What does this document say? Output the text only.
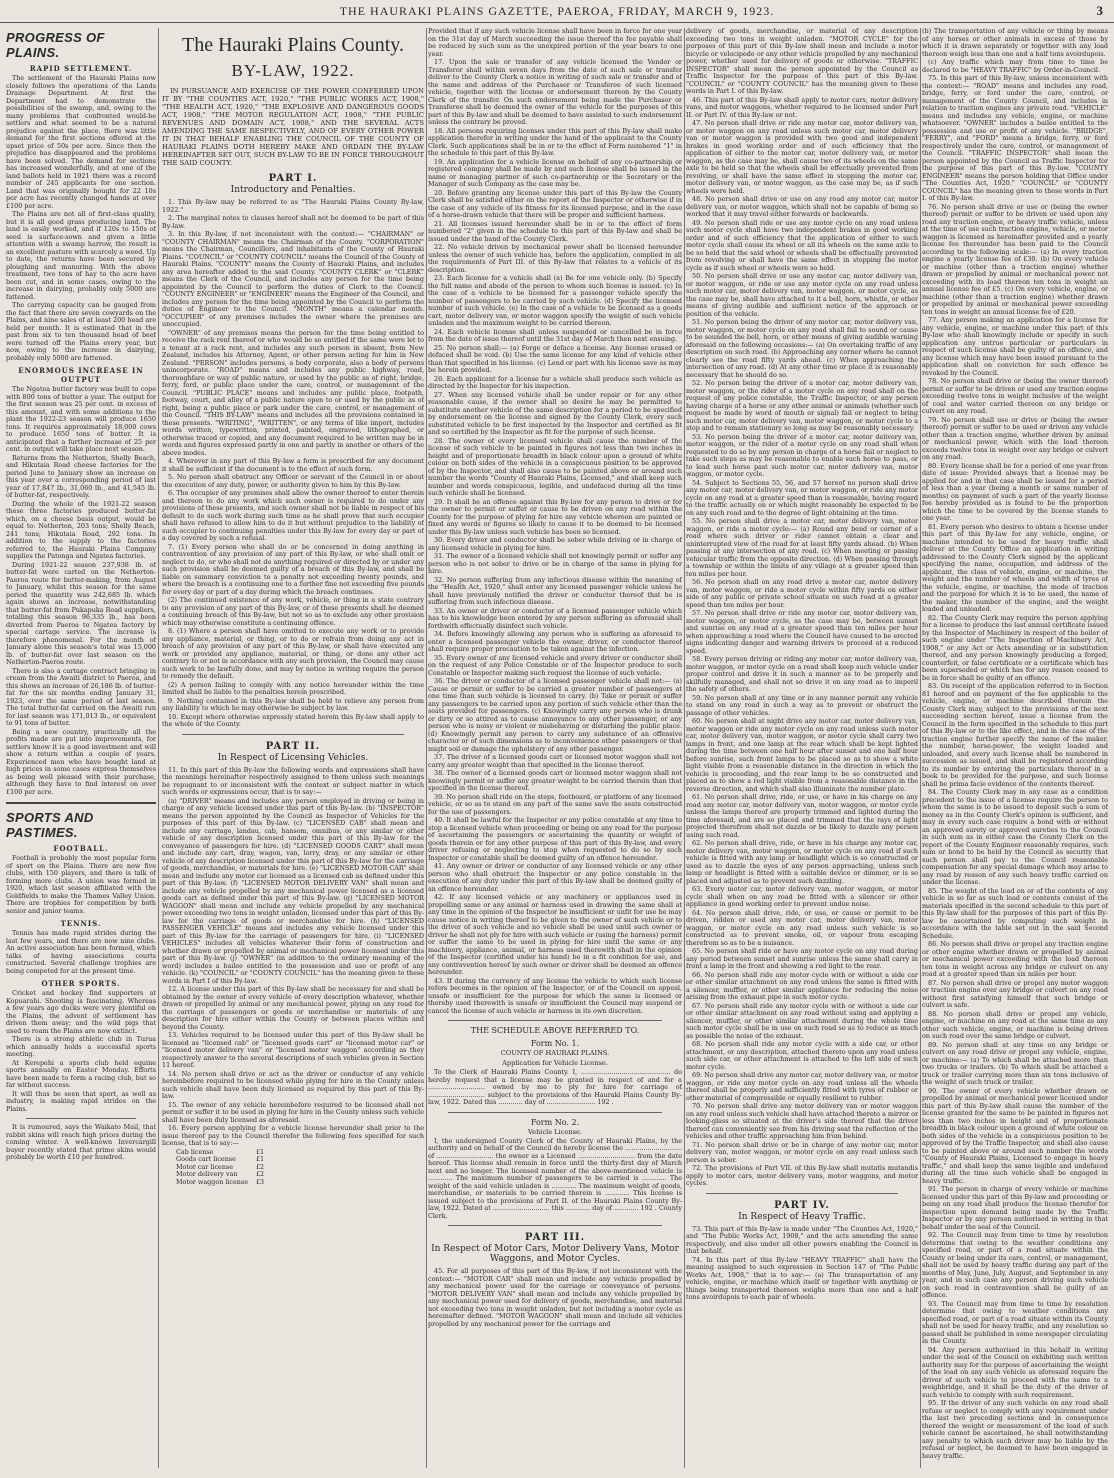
THE HAURAKI PLAINS GAZETTE, PAEROA, FRIDAY, MARCH 9, 1923.	3
PROGRESS OF PLAINS.
RAPID SETTLEMENT.

The settlement of the Hauraki Plains now closely follows the operations of the Lands Drainage Department. At first the Department had to demonstrate the possibilities of the swamp, and, owing to the many problems that confronted would-be settlers and what seemed to be a natural prejudice against the place, there was little demand for the first sections offered at the upset price of 50s per acre. Since then the prejudice has disappeared and the problems have been solved. The demand for sections has increased wonderfully, and at one of the land ballots held in 1921 there was a record number of 245 applicants for one section. Land that was originally bought for 22 10s per acre has recently changed hands at over £100 per acre.

The Plains are not all of first-class quality, but it is all good grass producing land. The land is easily worked, and if 120s to 150s of seed is surface-sown and given a little attention with a swamp harrow, the result is an excellent pasture with scarcely a weed. Up to date, the returns have been secured by ploughing and manuring. With the above treatment, two tons of hay to the acre have been cut, and in some cases, owing to the increase in dairying, probably only 5000 are fattened.

The carrying capacity can be gauged from the fact that there are seven cowyards on the Plains, and nine sales of at least 200 head are held per month. It is estimated that in the past from six to ten thousand head of beef were turned off the Plains every year, but now, owing to the increase in dairying, probably only 5000 are fattened.

ENORMOUS INCREASE IN OUTPUT

The Ngatea butter factory was built to cope with 800 tons of butter a year. The output for the first season was 25 per cent. in excess of this amount, and with some additions to the plant the 1922-23 season will produce 1650 tons. It requires approximately 18,000 cows to produce 1650 tons of butter. It is anticipated that a further increase of 25 per cent. in output will take place next season.

Returns from the Netherton, Shelly Beach, and Hikutaia Road cheese factories for the period June to January show an increase on this year over a corresponding period of last year of 17,847 lb., 31,060 lb., and 41,545 lb. of butter-fat, respectively.

During the whole of the 1921-22 season these three factories produced butter-fat which, on a cheese basis output, would be equal to: Netherton, 203 tons; Shelly Beach, 241 tons; Hikutaia Road, 292 tons. In addition to the supply to the factories referred to, the Hauraki Plains Company supplies the Patonga and Ngatea factories.

During 1921-22 season 237,938 lb. of butter-fat were carted on the Netherton-Paeroa route for butter-making, from August to January, whilst this season for the same period the quantity was 242,685 lb. which again shows an increase, notwithstanding that butter-fat from Pukapuka Road suppliers, totalling this season 96,335 lb., has been diverted from Paeroa to Ngatea factory by special cartage service. The increase is therefore phenomenal. For the month of January alone this season's total was 15,000 lb. of butter-fat over last season on the Netherton-Paeroa route.

There is also a cartage contract bringing in cream from the Awaiti district to Paeroa, and this shows an increase of 26,186 lb. of butter-fat for the six months ending January 31, 1923, over the same period of last season. The total butter-fat carried on the Awaiti run for last season was 171,013 lb., or equivalent to 91 tons of butter.

Being a new country, practically all the profits made are put into improvements, for settlers know it is a good investment and will show a return within a couple of years. Experienced men who have bought land at high prices in some cases express themselves as being well pleased with their purchase, although they have to find interest on over £100 per acre.

SPORTS AND PASTIMES.
FOOTBALL.

Football is probably the most popular form of sport on the Plains. There are now five clubs, with 150 players, and there is talk of forming more clubs. A union was formed in 1920, which last season affiliated with the Goldfields to make the Thames Valley Union. There are trophies for competition by both senior and junior teams.

TENNIS.

Tennis has made rapid strides during the last few years, and there are now nine clubs. An active association has been formed, which talks of having associations courts constructed. Several challenge trophies are being competed for at the present time.

OTHER SPORTS.

Cricket and hockey find supporters at Kopuarahi. Shooting is fascinating. Whereas a few years ago ducks were very plentiful on the Plains, the advent of settlement has driven them away; and the wild pigs that used to roam the Plains are now extinct.

There is a strong athletic club in Turua which annually holds a successful sports meeting.

At Kerepehi a sports club held equine sports annually on Easter Monday. Efforts have been made to form a racing club, but so far without success.

It will thus be seen that sport, as well as industry, is making rapid strides on the Plains.

It is rumoured, says the Waikato Mail, that rabbit skins will reach high prices during the coming winter. A well-known Invercargill buyer recently stated that prime skins would probably be worth £10 per hundred.

The Hauraki Plains County.
BY-LAW, 1922.

IN PURSUANCE AND EXERCISE OF THE POWER CONFERRED UPON IT BY "THE COUNTIES ACT, 1920," "THE PUBLIC WORKS ACT, 1908," "THE HEALTH ACT, 1920," "THE EXPLOSIVE AND DANGEROUS GOODS ACT, 1908," "THE MOTOR REGULATION ACT, 1908," "THE PUBLIC REVENUES AND DOMAIN ACT, 1908," AND THE SEVERAL ACTS AMENDING THE SAME RESPECTIVELY, AND OF EVERY OTHER POWER IT IN THAT BEHALF ENABLING THE COUNCIL OF THE COUNTY OF HAURAKI PLAINS DOTH HEREBY MAKE AND ORDAIN THE BY-LAW HEREINAFTER SET OUT, SUCH BY-LAW TO BE IN FORCE THROUGHOUT THE SAID COUNTY.

PART I.
Introductory and Penalties.

1. This By-law may be referred to as "The Hauraki Plains County By-law, 1922."

2. The marginal notes to clauses hereof shall not be deemed to be part of this By-law.

3. In this By-law, if not inconsistent with the context:— "CHAIRMAN" or "COUNTY CHAIRMAN" means the Chairman of the County. "CORPORATION" means the Chairman, Councillors, and inhabitants of the County of Hauraki Plains. "COUNCIL" or "COUNTY COUNCIL" means the Council of the County of Hauraki Plains. "COUNTY" means the County of Hauraki Plains, and includes any area hereafter added to the said County. "COUNTY CLERK" or "CLERK" means the Clerk of the Council, and includes any person for the time being appointed by the Council to perform the duties of Clerk to the Council. "COUNTY ENGINEER" or "ENGINEER" means the Engineer of the Council, and includes any person for the time being appointed by the Council to perform the duties of Engineer to the Council. "MONTH" means a calendar month. "OCCUPIER" of any premises includes the owner where the premises are unoccupied.

"OWNER" of any premises means the person for the time being entitled to receive the rack rent thereof or who would be so entitled if the same were let to a tenant at a rack rent, and includes any such person in absent, from New Zealand, includes his Attorney, Agent, or other person acting for him in New Zealand. "PERSON" includes persons, a body corporate, also a body of persons unincorporate. "ROAD" means and includes any public highway, road, thoroughfare or way of public nature, or used by the public as of right, bridge, ferry, ford, or public place under the care, control, or management of the Council. "PUBLIC PLACE" means and includes any public place, footpath, footway, court, and alley of a public nature open to or used by the public as of right, being a public place or park under the care, control, or management of the Council. "THIS BY-LAW" means and includes all the provisions contained in these presents. "WRITING", "WRITTEN", or any terms of like import, includes words written, typewritten, printed, painted, engraved, lithographed, or otherwise traced or copied, and any document required to be written may be in words and figures expressed partly in one and partly in another or others of the above modes.

4. Wherever in any part of this By-law a form is prescribed for any document it shall be sufficient if the document is to the effect of such form.

5. No person shall obstruct any Officer or servant of the Council in or about the execution of any duty, power, or authority given to him by this By-law.

6. The occupier of any premises shall allow the owner thereof to enter therein and thereon to do any work which such owner is required to do under any provisions of these presents, and such owner shall not be liable in respect of his default to do such work during such time as he shall prove that such occupier shall have refused to allow him to do it but without prejudice to the liability of such occupier to continuing penalties under this By-law for every day or part of a day covered by such a refusal.

7. (1) Every person who shall do or be concerned in doing anything in contravention of any provision of any part of this By-law, or who shall omit or neglect to do, or who shall not do anything required or directed by or under any such provision shall be deemed guilty of a breach of this By-law, and shall be liable on summary conviction to a penalty not exceeding twenty pounds, and where the breach is a continuing one to a further fine not exceeding five pounds for every day or part of a day during which the breach continues.

(2) The continued existence of any work, vehicle, or thing in a state contrary to any provision of any part of this By-law, or of these presents shall be deemed a continuing breach of this By-law, but not so as to exclude any other provision which may otherwise constitute a continuing offence.

8. (1) Where a person shall have omitted to execute any work or to provide any appliance, material, or thing, or to do or refrain from doing any act in breach of any provision of any part of this By-law, or shall have executed any work or provided any appliance, material, or thing, or done any other act contrary to or not in accordance with any such provision, the Council may cause such work to be lawfully done, and may by notice in writing require the person to remedy the default.

(2) A person failing to comply with any notice hereunder within the time limited shall be liable to the penalties herein prescribed.

9. Nothing contained in this By-law shall be held to relieve any person from any liability to which he may otherwise be subject by law.

10. Except where otherwise expressly stated herein this By-law shall apply to the whole of the County.

PART II.
In Respect of Licensing Vehicles.

11. In this part of this By-law the following words and expressions shall have the meanings hereinafter respectively assigned to them unless such meanings be repugnant to or inconsistent with the context or subject matter in which such words or expressions occur, that is to say:—

(a) "DRIVER" means and includes any person employed in driving or being in charge of any vehicle licensed under this part of this By-law. (b) "INSPECTOR" means the person appointed by the Council as Inspector of Vehicles for the purposes of this part of this By-law. (c) "LICENSED CAB" shall mean and include any carriage, landau, cab, hansom, omnibus, or any similar or other vehicle of any description licensed under this part of this By-law for the conveyance of passengers for hire. (d) "LICENSED GOODS CART" shall mean and include any cart, dray, wagon, van, lorry, dray, or any similar or other vehicle of any description licensed under this part of this By-law for the carriage of goods, merchandise, or materials for hire. (e) "LICENSED MOTOR CAR" shall mean and include any motor car licensed as a licensed cab as defined under this part of this By-law. (f) "LICENSED MOTOR DELIVERY VAN" shall mean and include any vehicle propelled by any mechanical power licensed as a licensed goods cart as defined under this part of this By-law. (g) "LICENSED MOTOR WAGGON" shall mean and include any vehicle propelled by any mechanical power exceeding two tons in weight unladen, licensed under this part of this By-law for the carriage of goods or merchandise for hire. (h) "LICENSED PASSENGER VEHICLE" means and includes any vehicle licensed under this part of this By-law for the carriage of passengers for hire. (i) "LICENSED VEHICLES" includes all vehicles whatever their form of construction and whether drawn or propelled by animal or mechanical power licensed under this part of this By-law. (j) "OWNER" (in addition to the ordinary meaning of the word) includes a bailee entitled to the possession and use or profit of any vehicle. (k) "COUNCIL" or "COUNTY COUNCIL" has the meaning given to these words in Part I of this By-law.

12. A license under this part of this By-law shall be necessary for and shall be obtained by the owner of every vehicle of every description whatever, whether drawn or propelled by animal or any mechanical power, plying on any road for the carriage of passengers or goods or merchandise or materials of any description for hire either within the County or between places within and beyond the County.

13. Vehicles required to be licensed under this part of this By-law shall be licensed as "licensed cab" or "licensed goods cart" or "licensed motor car" or "licensed motor delivery van" or "licensed motor waggon" according as they respectively answer to the several descriptions of such vehicles given in Section 11 hereof.

14. No person shall drive or act as the driver or conductor of any vehicle hereinbefore required to be licensed while plying for hire in the County unless such vehicle shall have been duly licensed as required by this part of this By-law.

15. The owner of any vehicle hereinbefore required to be licensed shall not permit or suffer it to be used in plying for hire in the County unless such vehicle shall have been duly licensed as aforesaid.

16. Every person applying for a vehicle license hereunder shall prior to the issue thereof pay to the Council therefor the following fees specified for such license, that is to say:—

Cab license	£1
Goods cart license	£1
Motor car license	£2
Motor delivery van	£2
Motor waggon license	£3

Provided that if any such vehicle license shall have been in force for one year on the 31st day of March succeeding the issue thereof the fee payable shall be reduced by such sum as the unexpired portion of the year bears to one year.

17. Upon the sale or transfer of any vehicle licensed the Vendor or Transferor shall within seven days from the date of such sale or transfer deliver to the County Clerk a notice in writing of such sale or transfer and of the name and address of the Purchaser or Transferee of such licensed vehicle, together with the license or endorsement thereon by the County Clerk of the transfer. On such endorsement being made the Purchaser or Transferee shall be deemed the owner of the vehicle for the purposes of this part of this By-law and shall be deemed to have assisted to such endorsement unless the contrary be proved.

18. All persons requiring licenses under this part of this By-law shall make application therefor in writing under the hand of the applicant to the County Clerk. Such applications shall be in or to the effect of Form numbered "1" in the schedule to this part of this By-law.

19. An application for a vehicle license on behalf of any co-partnership or registered company shall be made by and such license shall be issued in the name or managing partner of such co-partnership or the Secretary or the Manager of such Company as the case may be.

20. Before granting any license under this part of this By-law the County Clerk shall be satisfied either on the report of the Inspector or otherwise if in the case of any vehicle of its fitness for its licensed purpose, and in the case of a horse-drawn vehicle that there will be proper and sufficient harness.

21. All licenses issued hereunder shall be in or to the effect of form numbered "2" given in the schedule to this part of this By-law and shall be issued under the hand of the County Clerk.

22. No vehicle driven by mechanical power shall be licensed hereunder unless the owner of such vehicle has, before the application, complied in all the requirements of Part III. of this By-law that relates to a vehicle of its description.

23. Each license for a vehicle shall (a) Be for one vehicle only. (b) Specify the full name and abode of the person to whom such license is issued. (c) In the case of a vehicle to be licensed for a passenger vehicle specify the number of passengers to be carried by such vehicle. (d) Specify the licensed number of such vehicle. (e) In the case of a vehicle to be licensed as a goods cart, motor delivery van, or motor waggon specify the weight of such vehicle unladen and the maximum weight to be carried thereon.

24. Each vehicle license shall unless suspended or cancelled be in force from the date of issue thereof until the 31st day of March then next ensuing.

25. No person shall:— (a) Forge or deface a license. Any license erased or defaced shall be void. (b) Use the same license for any kind of vehicle other than that specified in his license. (c) Lend or part with his license save as may be herein provided.

26. Each applicant for a license for a vehicle shall produce such vehicle as directed by the Inspector for his inspection.

27. When any licensed vehicle shall be under repair or for any other reasonable cause, if the owner shall so desire he may be permitted to substitute another vehicle of the same description for a period to be specified by endorsement on the license and signed by the County Clerk, every such substituted vehicle to be first inspected by the Inspector and certified as fit and so certified by the Inspector as fit for the purpose of such license.

28. The owner of every licensed vehicle shall cause the number of the license of such vehicle to be painted in figures not less than two inches in height and of proportionate breadth in black colour upon a ground of white colour on both sides of the vehicle in a conspicuous position to be approved of by the Inspector, and shall also cause to be painted above or around such number the words "County of Hauraki Plains, Licensed," and shall keep such number and words conspicuous, legible, and undefaced during all the time such vehicle shall be licensed.

29. It shall be an offence against this By-law for any person to drive or for the owner to permit or suffer or cause to be driven on any road within the County for the purpose of plying for hire any vehicle whereon are painted or fixed any words or figures so likely to cause it to be deemed to be licensed under this By-law unless such vehicle has been so licensed.

30. Every driver and conductor shall be sober while driving or in charge of any licensed vehicle in plying for hire.

31. The owner of a licensed vehicle shall not knowingly permit or suffer any person who is not sober to drive or be in charge of the same in plying for hire.

32. No person suffering from any infectious disease within the meaning of the "Health Act, 1920," shall enter any licensed passenger vehicle unless he shall have previously notified the driver or conductor thereof that he is suffering from such infectious disease.

33. An owner or driver or conductor of a licensed passenger vehicle which has to his knowledge been entered by any person suffering as aforesaid shall forthwith effectually disinfect such vehicle.

34. Before knowingly allowing any person who is suffering as aforesaid to enter a licensed passenger vehicle the owner, driver, or conductor thereof shall require proper precaution to be taken against the infection.

35. Every owner of any licensed vehicle and every driver or conductor shall on the request of any Police Constable or of the Inspector produce to such Constable or Inspector making such request the license of such vehicle.

36. The driver or conductor of a licensed passenger vehicle shall not:— (a) Cause or permit or suffer to be carried a greater number of passengers at one time than such vehicle is licensed to carry. (b) Take or permit or suffer any passengers to be carried upon any portion of such vehicle other than the seats provided for passengers. (c) Knowingly carry any person who is drunk or dirty or so attired as to cause annoyance to any other passenger, or any person who is noisy or violent or misbehaving or disturbing the public place. (d) Knowingly permit any person to carry any substance of an offensive character or of such dimensions as to inconvenience other passengers or that might soil or damage the upholstery of any other passenger.

37. The driver of a licensed goods cart or licensed motor waggon shall not carry any greater weight than that specified in the license thereof.

38. The owner of a licensed goods cart or licensed motor waggon shall not knowingly permit or suffer any greater weight to be carried therein than that specified in the license thereof.

39. No person shall ride on the steps, footboard, or platform of any licensed vehicle, or so as to stand on any part of the same save the seats constructed for the use of passengers.

40. It shall be lawful for the Inspector or any police constable at any time to stop a licensed vehicle when proceeding or being on any road for the purpose of ascertaining the passengers or ascertaining the quantity or weight of goods therein or for any other purpose of this part of this By-law, and every driver refusing or neglecting to stop when requested to do so by such Inspector or constable shall be deemed guilty of an offence hereunder.

41. Any owner or driver or conductor of any licensed vehicle or any other person who shall obstruct the Inspector or any police constable in the execution of any duty under this part of this By-law shall be deemed guilty of an offence hereunder.

42. If any licensed vehicle or any machinery or appliances used in propelling same or any animal or harness used in drawing the same shall at any time in the opinion of the Inspector be insufficient or unfit for use he may cause notice in writing thereof to be given to the owner of such vehicle or to the driver of such vehicle and no vehicle shall be used until such owner or driver he shall not ply for hire with such vehicle or (using the harness) permit or suffer the same to be used in plying for hire until the same or any machinery, appliance, animal, or harness used therewith shall in the opinion of the Inspector (certified under his hand) be in a fit condition for use, and any contravention hereof by such owner or driver shall be deemed an offence hereunder.

43. If during the currency of any license the vehicle to which such license refers becomes in the opinion of the Inspector, or of the Council on appeal, unsafe or insufficient for the purpose for which the same is licensed or thereby used therewith is unsafe or insufficient the Council may suspend or cancel the license of such vehicle or harness in its own discretion.

THE SCHEDULE ABOVE REFERRED TO.
Form No. 1.
COUNTY OF HAURAKI PLAINS.
Application for Vehicle License.

To the Clerk of Hauraki Plains County. I, ............................................ do hereby request that a license may be granted in respect of and for a ............................ owned by me to ply for hire for carriage of ............................ subject to the provisions of the Hauraki Plains County By-law, 1922. Dated this ............ day of ........................ 192 .

Form No. 2.
Vehicle License.

I, the undersigned County Clerk of the County of Hauraki Plains, by the authority and on behalf of the Council do hereby license the ............................ of ............................ the owner as a Licensed ............................ from the date hereof. This license shall remain in force until the thirty-first day of March next and no longer. The licensed number of the above-mentioned vehicle is ............ The maximum number of passengers to be carried is ............ The weight of the said vehicle unladen is ............ The maximum weight of goods, merchandise, or materials to be carried therein is ............ This license is issued subject to the provisions of Part II. of the Hauraki Plains County By-law, 1922. Dated at ............................ this ............ day of ............ 192 . County Clerk.

PART III.
In Respect of Motor Cars, Motor Delivery Vans, Motor Waggons, and Motor Cycles.

45. For all purposes of this part of this By-law, if not inconsistent with the context:— "MOTOR CAR" shall mean and include any vehicle propelled by any mechanical power used for the carriage or conveyance of persons. "MOTOR DELIVERY VAN" shall mean and include any vehicle propelled by any mechanical power used for delivery of goods, merchandise, and material not exceeding two tons in weight unladen, but not including a motor cycle as hereinafter defined. "MOTOR WAGGON" shall mean and include all vehicles propelled by any mechanical power for the carriage and

delivery of goods, merchandise, or material of any description exceeding two tons in weight unladen. "MOTOR CYCLE" for the purposes of this part of this By-law shall mean and include a motor bicycle or velocipede or any other vehicle propelled by any mechanical power, whether used for delivery of goods or otherwise. "TRAFFIC INSPECTOR" shall mean the person appointed by the Council as Traffic Inspector for the purpose of this part of this By-law. "COUNCIL" or "COUNTY COUNCIL" has the meaning given to these words in Part I. of this By-law.

46. This part of this By-law shall apply to motor cars, motor delivery vans, and motor waggons, whether required to be licensed under Part II. or Part IV. of this By-law or not.

47. No person shall drive or ride any motor car, motor delivery van, or motor waggon on any road unless such motor car, motor delivery van or motor waggon is provided with two good and independent brakes in good working order and of such efficiency that the application of either to the motor car, motor delivery van, or motor waggon, as the case may be, shall cause two of its wheels on the same axle to be held so that the wheels shall be effectually prevented from revolving, or shall have the same effect in stopping the motor car, motor delivery van, or motor waggon, as the case may be, as if such wheels were held.

48. No person shall drive or use on any road any motor car, motor delivery van, or motor waggon, which shall not be capable of being so worked that it may travel either forwards or backwards.

49. No person shall ride or use any motor cycle on any road unless such motor cycle shall have two independent brakes in good working order and of such efficiency that the application of either to such motor cycle shall cause its wheel or all its wheels on the same axle to be so held that the said wheel or wheels shall be effectually prevented from revolving or shall have the same effect in stopping the motor cycle as if such wheel or wheels were so held.

50. No person shall drive or use any motor car, motor delivery van, or motor waggon, or ride or use any motor cycle on any road unless such motor car, motor delivery van, motor waggon, or motor cycle, as the case may be, shall have attached to it a bell, horn, whistle, or other means of giving audible and sufficient notice of the approach or position of the vehicle.

51. No person being the driver of any motor car, motor delivery van, motor waggon, or motor cycle on any road shall fail to sound or cause to be sounded the bell, horn, or other means of giving audible warning aforesaid on the following occasions:— (a) On overtaking traffic of any description on such road. (b) Approaching any corner where he cannot clearly see the road fifty yards ahead. (c) When approaching the intersection of any road. (d) At any other time or place it is reasonably necessary that he should do so.

52. No person being the driver of a motor car, motor delivery van, motor waggon, or the rider of a motor cycle on any road shall on the request of any police constable, the Traffic Inspector, or any person having charge of a horse or any other animal or animals (whether such request be made by word of mouth or signal) fail or neglect to bring such motor car, motor delivery van, motor waggon, or motor cycle to a stop and to remain stationary so long as may be reasonably necessary.

53. No person being the driver of a motor car, motor delivery van, motor waggon, or the rider of a motor cycle on any road shall when requested to do so by any person in charge of a horse fail or neglect to take such steps as may be reasonable to enable such horse to pass, or to lead such horse past such motor car, motor delivery van, motor waggon, or motor cycle.

54. Subject to Sections 55, 56, and 57 hereof no person shall drive any motor car, motor delivery van, or motor waggon, or ride any motor cycle on any road at a greater speed than is reasonable, having regard to the traffic actually on or which might reasonably be expected to be on any such road and to the degree of light obtaining at the time.

55. No person shall drive a motor car, motor delivery van, motor waggon, or ride a motor cycle:— (a) Round any bend or corner of a road where such driver or rider cannot obtain a clear and uninterrupted view of the road for at least fifty yards ahead. (b) When passing at any intersection of any road. (c) When meeting or passing vehicular traffic from the opposite direction. (d) When passing through a township or within the limits of any village at a greater speed than ten miles per hour.

56. No person shall on any road drive a motor car, motor delivery van, motor waggon, or ride a motor cycle within fifty yards on either side of any public or private school situate on such road at a greater speed than ten miles per hour.

57. No person shall drive or ride any motor car, motor delivery van, motor waggon, or motor cycle, as the case may be, between sunset and sunrise on any road at a greater speed than ten miles per hour when approaching a road where the Council have caused to be erected signs indicating danger and warning drivers to proceed at a reduced speed.

58. Every person driving or riding any motor car, motor delivery van, motor waggon, or motor cycle on a road shall keep such vehicle under proper control and drive it in such a manner as to be properly and skilfully managed, and shall not so drive it on any road as to imperil the safety of others.

59. No person shall at any time or in any manner permit any vehicle to stand on any road in such a way as to prevent or obstruct the passage of other vehicles.

60. No person shall at night drive any motor car, motor delivery van, motor waggon or ride any motor cycle on any road unless such motor car, motor delivery van, motor waggon, or motor cycle shall carry two lamps in front, and one lamp at the rear which shall be kept lighted during the time between one half hour after sunset and one half hour before sunrise, such front lamps to be placed so as to show a white light visible from a reasonable distance in the direction in which the vehicle is proceeding, and the rear lamp to be so constructed and placed as to show a red light visible from a reasonable distance in the reverse direction, and which shall also illuminate the number plate.

61. No person shall drive, ride, or use, or have in his charge on any road any motor car, motor delivery van, motor waggon, or motor cycle unless the lamps thereof are properly trimmed and lighted during the time aforesaid, and are so placed and trimmed that the rays of light projected therefrom shall not dazzle or be likely to dazzle any person using such road.

62. No person shall drive, ride, or have in his charge any motor car, motor delivery van, motor waggon, or motor cycle on any road if such vehicle is fitted with any lamp or headlight which is so constructed or used as to dazzle the eyes of any person approaching, unless such lamp or headlight is fitted with a suitable device or dimmer, or is so placed and adjusted as to prevent such dazzling.

63. Every motor car, motor delivery van, motor waggon, or motor cycle shall when on any road be fitted with a silencer or other appliance in good working order to prevent undue noise.

64. No person shall drive, ride, or use, or cause or permit to be driven, ridden or used any motor car, motor delivery van, motor waggon, or motor cycle on any road unless such vehicle is so constructed as to prevent smoke, oil, or vapour from escaping therefrom so as to be a nuisance.

65. No person shall ride or have any motor cycle on any road during any period between sunset and sunrise unless the same shall carry in front a lamp in the front and showing a red light to the rear.

66. No person shall ride any motor cycle with or without a side car or other similar attachment on any road unless the same is fitted with a silencer, muffler, or other similar appliance for reducing the noise arising from the exhaust pipe in such motor cycle.

67. No person shall ride any motor cycle with or without a side car or other similar attachment on any road without using and applying a silencer, muffler, or other similar attachment during the whole time such motor cycle shall be in use on such road so as to reduce as much as possible the noise of the exhaust.

68. No person shall ride any motor cycle with a side car, or other attachment, or any description, attached thereto upon any road unless such side car, or other attachment is attached to the left side of such motor cycle.

69. No person shall drive any motor car, motor delivery van, or motor waggon, or ride any motor cycle on any road unless all the wheels thereof shall be properly and sufficiently fitted with tyres of rubber or other material of compressible or equally resilient to rubber.

70. No person shall drive any motor delivery van or motor waggon on any road unless such vehicle shall have attached thereto a mirror or looking-glass so situated at the driver's side thereof that the driver thereof can conveniently see from his driving seat the reflection of the vehicles and other traffic approaching him from behind.

71. No person shall drive or be in charge of any motor car, motor delivery van, motor waggon, or motor cycle on any road unless such person is sober.

72. The provisions of Part VII. of this By-law shall mutatis mutandis apply to motor cars, motor delivery vans, motor waggons, and motor cycles.

PART IV.
In Respect of Heavy Traffic.

73. This part of this By-law is made under "The Counties Act, 1920," and "The Public Works Act, 1908," and the acts amending the same respectively, and also under all other powers enabling the Council in that behalf.

74. In this part of this By-law "HEAVY TRAFFIC" shall have the meaning assigned to such expression in Section 147 of "The Public Works Act, 1908," that is to say:— (a) The transportation of any vehicle, engine, or machine which itself or together with anything or things being transported thereon weighs more than one and a half tons avoirdupois to each pair of wheels.

(b) The transportation of any vehicle or thing by means of any horses or other animals in excess of those by which it is drawn separately or together with any load thereon weigh less than one and a half tons avoirdupois.

(c) Any traffic which may from time to time be declared to be "HEAVY TRAFFIC" by Order-in-Council.

75. In this part of this By-law, unless inconsistent with the context:— "ROAD" means and includes any road, bridge, ferry, or ford under the care, control, or management of the County Council, and includes in relation to traction engines any private road. "VEHICLE" means and includes any vehicle, engine, or machine whatsoever. "OWNER" includes a bailee entitled to the possession and use or profit of any vehicle. "BRIDGE", "FERRY", and "FORD" means a bridge, ferry, or ford respectively under the care, control, or management of the Council. "TRAFFIC INSPECTOR" shall mean the person appointed by the Council as Traffic Inspector for the purpose of this part of this By-law. "COUNTY ENGINEER" means the person holding that Office under "The Counties Act, 1920." "COUNCIL" or "COUNTY COUNCIL" has the meaning given to these words in Part I. of this By-law.

76. No person shall drive or use or (being the owner thereof) permit or suffer to be driven or used upon any road any traction engine, or heavy traffic vehicle, unless at the time of use such traction engine, vehicle, or motor waggon is licensed as hereinafter provided and a yearly license fee thereunder has been paid to the Council according to the following scale:— (a) In every traction engine a yearly license fee of £30. (b) On every vehicle or machine (other than a traction engine) whether drawn or propelled by animal or mechanical power not exceeding with its load thereon ten tons in weight an annual license fee of £5. (c) On every vehicle, engine, or machine (other than a traction engine) whether drawn or propelled by animal or mechanical power exceeding ten tons in weight an annual license fee of £20.

77. Any person making an application for a license for any vehicle, engine, or machine under this part of this By-law who shall knowingly include or specify in such application any untrue particular or particulars in respect of such license shall be guilty of an offence, and any license which may have been issued pursuant to the application shall on conviction for such offence be revoked by the Council.

78. No person shall drive or (being the owner thereof) permit or suffer to be driven or used any traction engine exceeding twelve tons in weight inclusive of the weight of coal and water carried thereon on any bridge or culvert on any road.

79. No person shall use or drive or (being the owner thereof) permit or suffer to be used or driven any vehicle other than a traction engine, whether driven by animal or mechanical power, which with the load thereon exceeds twelve tons in weight over any bridge or culvert on any road.

80. Every license shall be for a period of one year from date of issue: Provided always that a license may be applied for and in that case shall be issued for a period of less than a year (being a month or same number of months) on payment of such a part of the yearly license fee hereby provided as is found to be the proportion which the time to be covered by the license stands to one year.

81. Every person who desires to obtain a license under this part of this By-law for any vehicle, engine, or machine intended to be used for heavy traffic shall deliver at the County Office an application in writing addressed to the County Clerk signed by the applicant specifying the name, occupation, and address of the applicant, the class of vehicle, engine, or machine, the weight and the number of wheels and width of tyres of the vehicle, engine, or machine, the mode of traction and the purpose for which it is to be used, the name of the maker, the number of the engine, and the weight loaded and unloaded.

82. The County Clerk may require the person applying for a license to produce the last annual certificate issued by the Inspector of Machinery in respect of the boiler of such engine under "The Inspection of Machinery Act, 1908," or any Act or Acts amending or in substitution thereof, and any person knowingly producing a forged, counterfeit, or false certificate or a certificate which has been superseded or which has for any reason ceased to be in force shall be guilty of an offence.

83. On receipt of the application referred to in Section 81 hereof and on payment of the fee applicable to the vehicle, engine, or machine described therein the County Clerk may, subject to the provisions of the next succeeding section hereof, issue a license from the Council in the form specified in the schedule to this part of this By-law or to the like effect, and in the case of the traction engine further specify the name of the maker, the number, horse-power, the weight loaded and unloaded, and every such license shall be numbered in succession as issued, and shall be registered according to its number by entering the particulars thereof in a book to be provided for the purpose, and such license shall be prima facie evidence of the contents thereof.

84. The County Clerk may in any case as a condition precedent to the issue of a license require the person to whom the same is to be issued to deposit such a sum of money as in the County Clerk's opinion is sufficient, and may in every such case require a bond with or without an approved surety or approved sureties to the Council in such sum as in either case the County Clerk on the report of the County Engineer reasonably requires, such sum or bond to be held by the Council as security that such person shall pay to the Council reasonable compensation for any special damage which may arise to any road by reason of any such heavy traffic carried on under the license.

85. The weight of the load on or of the contents of any vehicle in so far as such load or contents consist of the materials specified in the second schedule to this part of this By-law shall for the purposes of this part of this By-law be ascertained by computing such weight in accordance with the table set out in the said Second Schedule.

86. No person shall drive or propel any traction engine or other engine whether drawn or propelled by animal or mechanical power exceeding with the load thereon ten tons in weight across any bridge or culvert on any road at a greater speed than six miles per hour.

87. No person shall drive or propel any motor waggon or traction engine over any bridge or culvert on any road without first satisfying himself that such bridge or culvert is safe.

88. No person shall drive or propel any vehicle, engine, or machine on any road at the same time as any other such vehicle, engine, or machine is being driven on such road over the same bridge or culvert.

89. No person shall at any time on any bridge or culvert on any road drive or propel any vehicle, engine, or machine:— (a) To which shall be attached more than two trucks or trailers. (b) To which shall be attached a truck or trailer carrying more than six tons inclusive of the weight of such truck or trailer.

90. The owner of every vehicle whether drawn or propelled by animal or mechanical power licensed under this part of this By-law shall cause the number of the license granted for the same to be painted in figures not less than two inches in height and of proportionate breadth in black colour upon a ground of white colour on both sides of the vehicle in a conspicuous position to be approved of by the Traffic Inspector, and shall also cause to be painted above or around such number the words "County of Hauraki Plains, Licensed to engage in heavy traffic," and shall keep the same legible and undefaced during all the time such vehicle shall be engaged in heavy traffic.

91. The person in charge of every vehicle or machine licensed under this part of this By-law and proceeding or being on any road shall produce the license therefor for inspection upon demand being made by the Traffic Inspector or by any person authorised in writing in that behalf under the seal of the Council.

92. The Council may from time to time by resolution determine that owing to the weather conditions any specified road, or part of a road situate within the County or being under its care, control, or management, shall not be used by heavy traffic during any part of the months of May, June, July, August, and September in any year, and in such case any person driving such vehicle on such road in contravention shall be guilty of an offence.

93. The Council may from time to time by resolution determine that owing to weather conditions any specified road, or part of a road situate within its County shall not be used for heavy traffic, and any resolution so passed shall be published in some newspaper circulating in the County.

94. Any person authorised in this behalf in writing under the seal of the Council on exhibiting such written authority may for the purpose of ascertaining the weight of the load on any such vehicle as aforesaid require the driver of such vehicle to proceed with the same to a weighbridge, and it shall be the duty of the driver of such vehicle to comply with such requirement.

95. If the driver of any such vehicle on any road shall refuse or neglect to comply with any requirement under the last two preceding sections and in consequence thereof the weight or measurement of the load of such vehicle cannot be ascertained, he shall notwithstanding any penalty to which such driver may be liable by the refusal or neglect, be deemed to have been engaged in heavy traffic.
